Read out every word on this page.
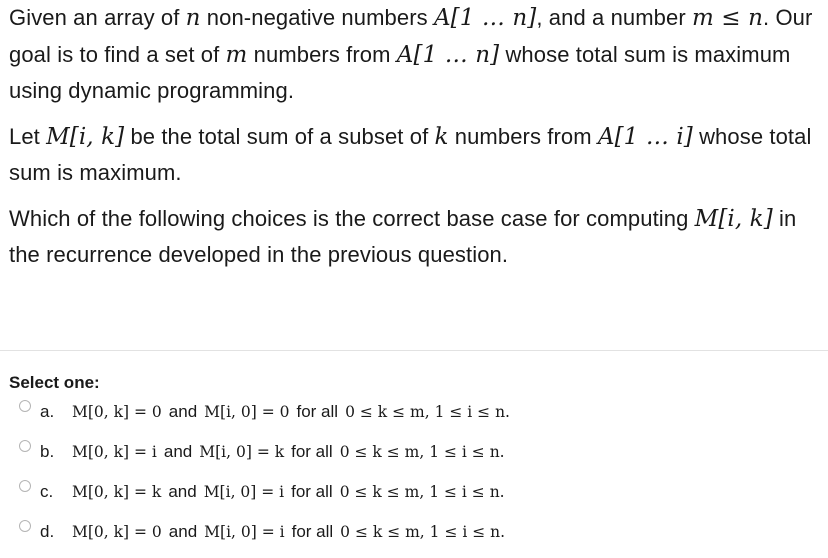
Given an array of n non-negative numbers A[1 … n], and a number m ≤ n. Our goal is to find a set of m numbers from A[1 … n] whose total sum is maximum using dynamic programming.

Let M[i, k] be the total sum of a subset of k numbers from A[1 … i] whose total sum is maximum.

Which of the following choices is the correct base case for computing M[i, k] in the recurrence developed in the previous question.

Select one:
a.	M[0, k] = 0 and M[i, 0] = 0 for all 0 ≤ k ≤ m, 1 ≤ i ≤ n.
b.	M[0, k] = i and M[i, 0] = k for all 0 ≤ k ≤ m, 1 ≤ i ≤ n.
c.	M[0, k] = k and M[i, 0] = i for all 0 ≤ k ≤ m, 1 ≤ i ≤ n.
d.	M[0, k] = 0 and M[i, 0] = i for all 0 ≤ k ≤ m, 1 ≤ i ≤ n.
